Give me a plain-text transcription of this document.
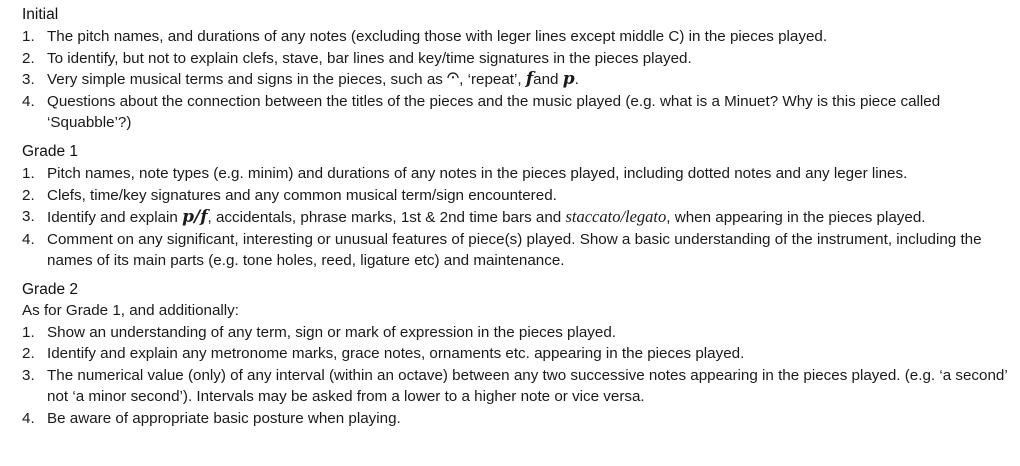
Initial
1. The pitch names, and durations of any notes (excluding those with leger lines except middle C) in the pieces played.
2. To identify, but not to explain clefs, stave, bar lines and key/time signatures in the pieces played.
3. Very simple musical terms and signs in the pieces, such as , ‘repeat’, fand p.
4. Questions about the connection between the titles of the pieces and the music played (e.g. what is a Minuet? Why is this piece called ‘Squabble’?)
Grade 1
1. Pitch names, note types (e.g. minim) and durations of any notes in the pieces played, including dotted notes and any leger lines.
2. Clefs, time/key signatures and any common musical term/sign encountered.
3. Identify and explain p/f, accidentals, phrase marks, 1st & 2nd time bars and staccato/legato, when appearing in the pieces played.
4. Comment on any significant, interesting or unusual features of piece(s) played. Show a basic understanding of the instrument, including the names of its main parts (e.g. tone holes, reed, ligature etc) and maintenance.
Grade 2

As for Grade 1, and additionally:

1. Show an understanding of any term, sign or mark of expression in the pieces played.
2. Identify and explain any metronome marks, grace notes, ornaments etc. appearing in the pieces played.
3. The numerical value (only) of any interval (within an octave) between any two successive notes appearing in the pieces played. (e.g. ‘a second’ not ‘a minor second’). Intervals may be asked from a lower to a higher note or vice versa.
4. Be aware of appropriate basic posture when playing.
